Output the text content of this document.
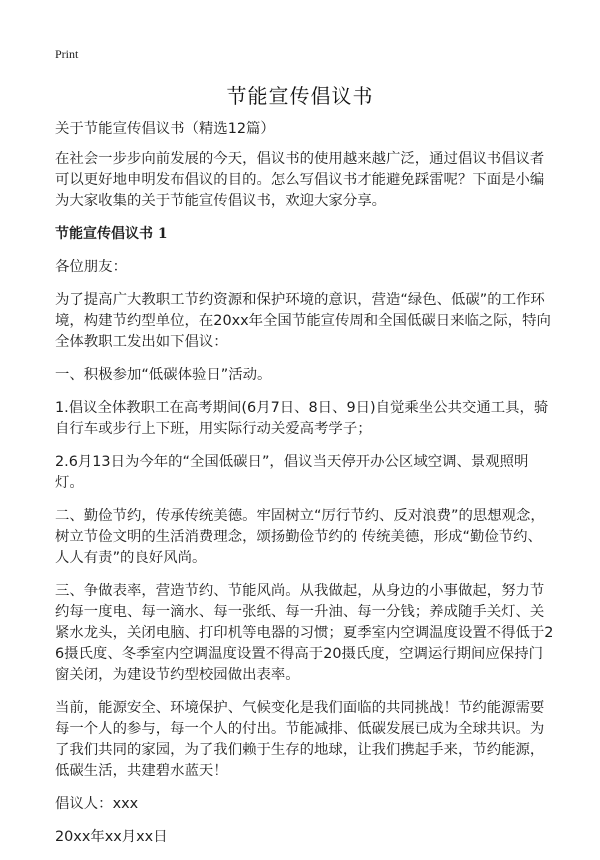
Print
节能宣传倡议书

关于节能宣传倡议书（精选12篇）

在社会一步步向前发展的今天，倡议书的使用越来越广泛，通过倡议书倡议者可以更好地申明发布倡议的目的。怎么写倡议书才能避免踩雷呢？下面是小编为大家收集的关于节能宣传倡议书，欢迎大家分享。

节能宣传倡议书 1

各位朋友：

为了提高广大教职工节约资源和保护环境的意识，营造“绿色、低碳”的工作环境，构建节约型单位，在20xx年全国节能宣传周和全国低碳日来临之际，特向全体教职工发出如下倡议：

一、积极参加“低碳体验日”活动。

1.倡议全体教职工在高考期间(6月7日、8日、9日)自觉乘坐公共交通工具，骑自行车或步行上下班，用实际行动关爱高考学子；

2.6月13日为今年的“全国低碳日”，倡议当天停开办公区域空调、景观照明灯。

二、勤俭节约，传承传统美德。牢固树立“厉行节约、反对浪费”的思想观念，树立节俭文明的生活消费理念，颂扬勤俭节约的 传统美德，形成“勤俭节约、人人有责”的良好风尚。

三、争做表率，营造节约、节能风尚。从我做起，从身边的小事做起，努力节约每一度电、每一滴水、每一张纸、每一升油、每一分钱；养成随手关灯、关紧水龙头，关闭电脑、打印机等电器的习惯；夏季室内空调温度设置不得低于26摄氏度、冬季室内空调温度设置不得高于20摄氏度，空调运行期间应保持门窗关闭，为建设节约型校园做出表率。

当前，能源安全、环境保护、气候变化是我们面临的共同挑战！节约能源需要每一个人的参与，每一个人的付出。节能减排、低碳发展已成为全球共识。为了我们共同的家园，为了我们赖于生存的地球，让我们携起手来，节约能源，低碳生活，共建碧水蓝天！

倡议人：xxx

20xx年xx月xx日
